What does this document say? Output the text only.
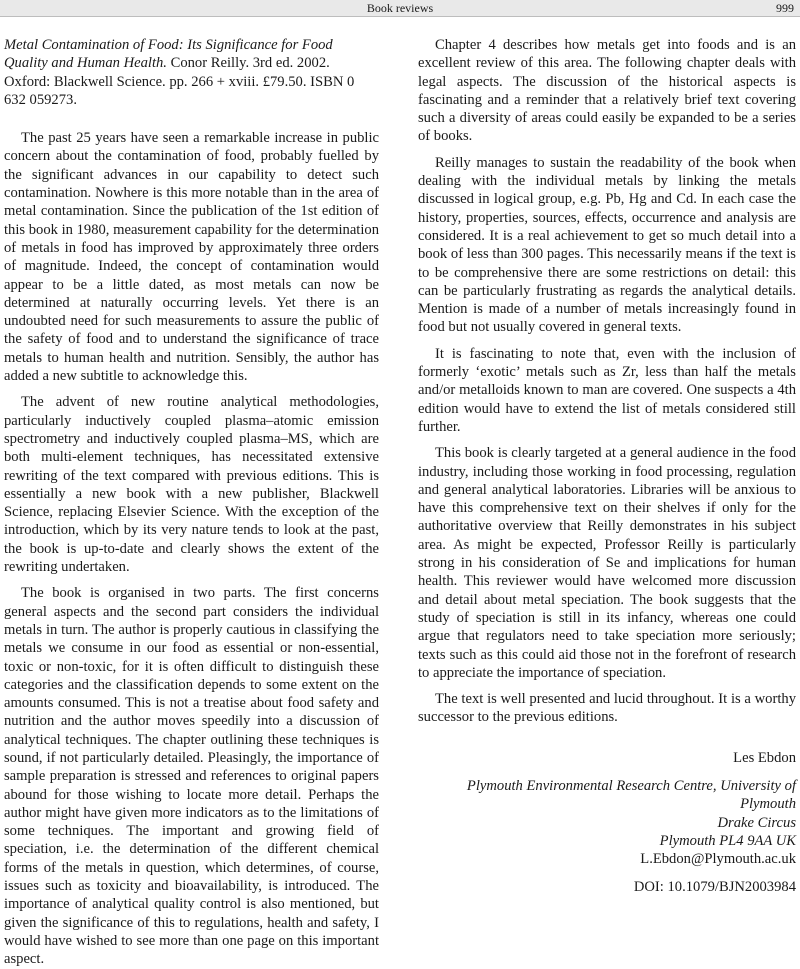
Book reviews	999

Metal Contamination of Food: Its Significance for Food Quality and Human Health. Conor Reilly. 3rd ed. 2002. Oxford: Blackwell Science. pp. 266 + xviii. £79.50. ISBN 0 632 059273.

The past 25 years have seen a remarkable increase in public concern about the contamination of food, probably fuelled by the significant advances in our capability to detect such contamination. Nowhere is this more notable than in the area of metal contamination. Since the publication of the 1st edition of this book in 1980, measurement capability for the determination of metals in food has improved by approximately three orders of magnitude. Indeed, the concept of contamination would appear to be a little dated, as most metals can now be determined at naturally occurring levels. Yet there is an undoubted need for such measurements to assure the public of the safety of food and to understand the significance of trace metals to human health and nutrition. Sensibly, the author has added a new subtitle to acknowledge this.

The advent of new routine analytical methodologies, particularly inductively coupled plasma–atomic emission spectrometry and inductively coupled plasma–MS, which are both multi-element techniques, has necessitated extensive rewriting of the text compared with previous editions. This is essentially a new book with a new publisher, Blackwell Science, replacing Elsevier Science. With the exception of the introduction, which by its very nature tends to look at the past, the book is up-to-date and clearly shows the extent of the rewriting undertaken.

The book is organised in two parts. The first concerns general aspects and the second part considers the individual metals in turn. The author is properly cautious in classifying the metals we consume in our food as essential or non-essential, toxic or non-toxic, for it is often difficult to distinguish these categories and the classification depends to some extent on the amounts consumed. This is not a treatise about food safety and nutrition and the author moves speedily into a discussion of analytical techniques. The chapter outlining these techniques is sound, if not particularly detailed. Pleasingly, the importance of sample preparation is stressed and references to original papers abound for those wishing to locate more detail. Perhaps the author might have given more indicators as to the limitations of some techniques. The important and growing field of speciation, i.e. the determination of the different chemical forms of the metals in question, which determines, of course, issues such as toxicity and bioavailability, is introduced. The importance of analytical quality control is also mentioned, but given the significance of this to regulations, health and safety, I would have wished to see more than one page on this important aspect.

Chapter 4 describes how metals get into foods and is an excellent review of this area. The following chapter deals with legal aspects. The discussion of the historical aspects is fascinating and a reminder that a relatively brief text covering such a diversity of areas could easily be expanded to be a series of books.

Reilly manages to sustain the readability of the book when dealing with the individual metals by linking the metals discussed in logical group, e.g. Pb, Hg and Cd. In each case the history, properties, sources, effects, occurrence and analysis are considered. It is a real achievement to get so much detail into a book of less than 300 pages. This necessarily means if the text is to be comprehensive there are some restrictions on detail: this can be particularly frustrating as regards the analytical details. Mention is made of a number of metals increasingly found in food but not usually covered in general texts.

It is fascinating to note that, even with the inclusion of formerly ‘exotic’ metals such as Zr, less than half the metals and/or metalloids known to man are covered. One suspects a 4th edition would have to extend the list of metals considered still further.

This book is clearly targeted at a general audience in the food industry, including those working in food processing, regulation and general analytical laboratories. Libraries will be anxious to have this comprehensive text on their shelves if only for the authoritative overview that Reilly demonstrates in his subject area. As might be expected, Professor Reilly is particularly strong in his consideration of Se and implications for human health. This reviewer would have welcomed more discussion and detail about metal speciation. The book suggests that the study of speciation is still in its infancy, whereas one could argue that regulators need to take speciation more seriously; texts such as this could aid those not in the forefront of research to appreciate the importance of speciation.

The text is well presented and lucid throughout. It is a worthy successor to the previous editions.

Les Ebdon
Plymouth Environmental Research Centre, University of Plymouth
Drake Circus
Plymouth PL4 9AA UK
L.Ebdon@Plymouth.ac.uk
DOI: 10.1079/BJN2003984
